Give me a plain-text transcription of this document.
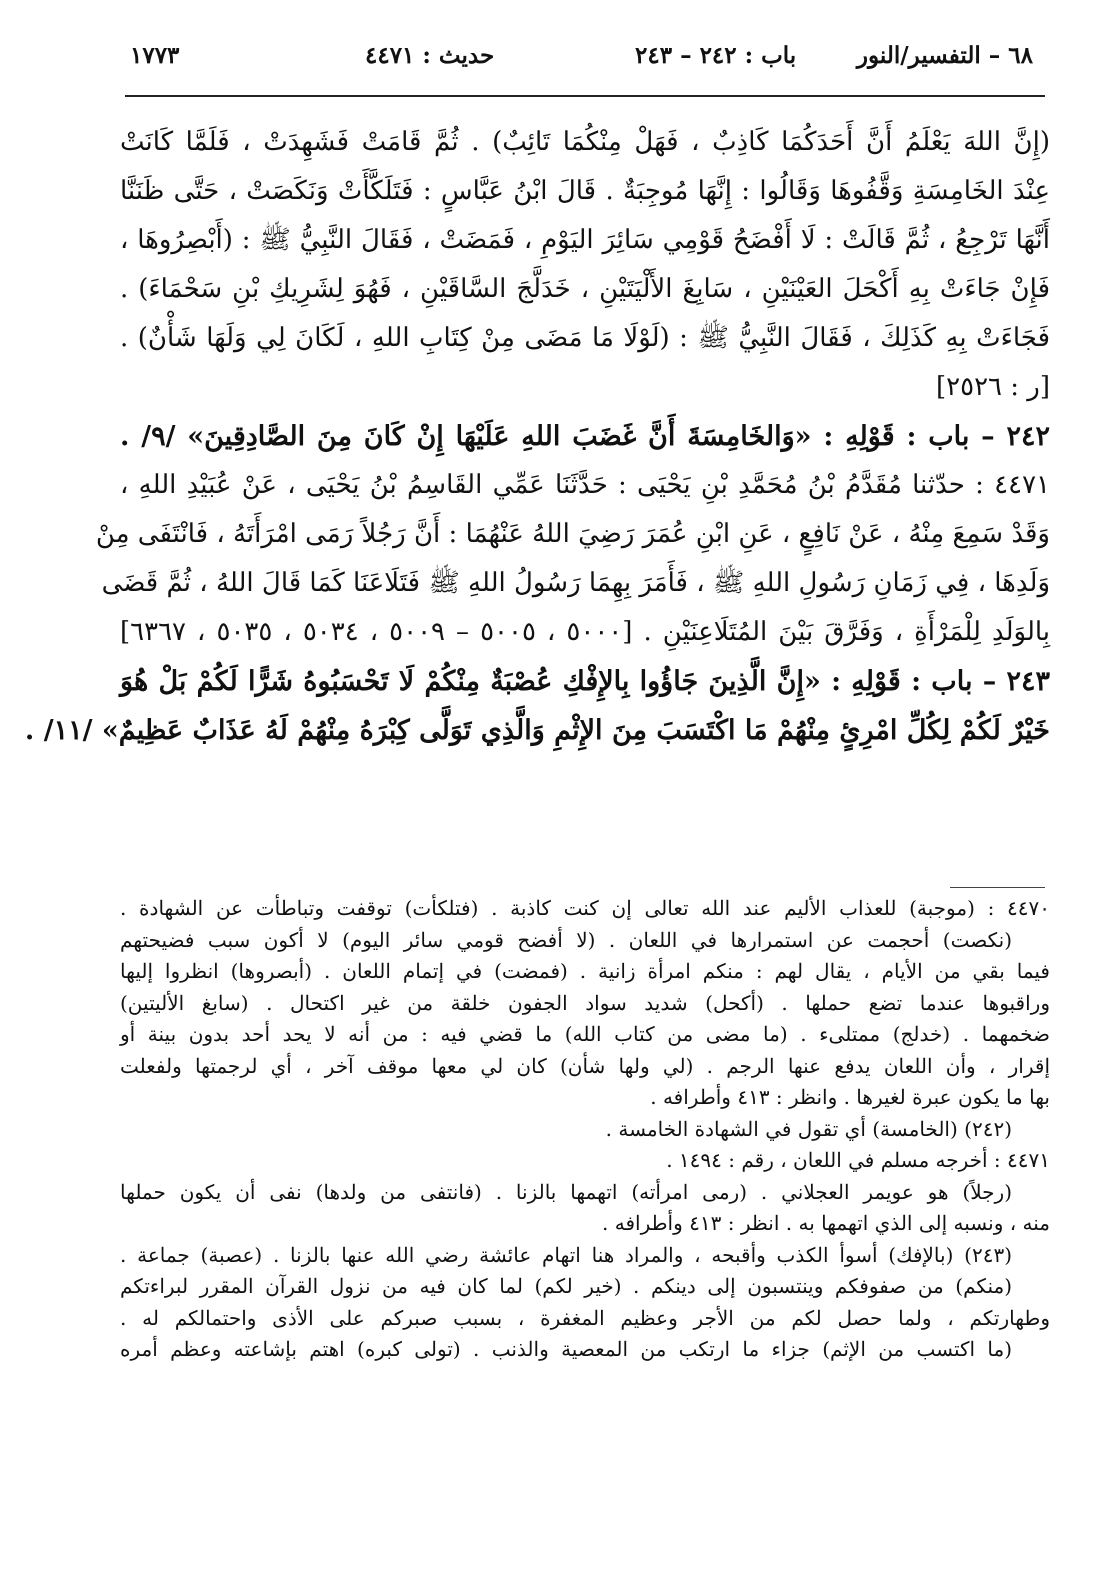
١٧٧٣	حديث : ٤٤٧١	باب : ٢٤٢ – ٢٤٣	٦٨ – التفسير/النور
(إِنَّ اللهَ يَعْلَمُ أَنَّ أَحَدَكُمَا كَاذِبٌ ، فَهَلْ مِنْكُمَا تَائِبٌ) . ثُمَّ قَامَتْ فَشَهِدَتْ ، فَلَمَّا كَانَتْ
عِنْدَ الخَامِسَةِ وَقَّفُوهَا وَقَالُوا : إِنَّهَا مُوجِبَةٌ . قَالَ ابْنُ عَبَّاسٍ : فَتَلَكَّأَتْ وَنَكَصَتْ ، حَتَّى ظَنَنَّا
أَنَّهَا تَرْجِعُ ، ثُمَّ قَالَتْ : لَا أَفْضَحُ قَوْمِي سَائِرَ اليَوْمِ ، فَمَضَتْ ، فَقَالَ النَّبِيُّ ﷺ : (أَبْصِرُوهَا ،
فَإِنْ جَاءَتْ بِهِ أَكْحَلَ العَيْنَيْنِ ، سَابِغَ الأَلْيَتَيْنِ ، خَدَلَّجَ السَّاقَيْنِ ، فَهُوَ لِشَرِيكِ بْنِ سَحْمَاءَ) .
فَجَاءَتْ بِهِ كَذَلِكَ ، فَقَالَ النَّبِيُّ ﷺ : (لَوْلَا مَا مَضَى مِنْ كِتَابِ اللهِ ، لَكَانَ لِي وَلَهَا شَأْنٌ) .
[ر : ٢٥٢٦]
٢٤٢ – باب : قَوْلِهِ : «وَالخَامِسَةَ أَنَّ غَضَبَ اللهِ عَلَيْهَا إِنْ كَانَ مِنَ الصَّادِقِينَ» /٩/ .
٤٤٧١ : حدّثنا مُقَدَّمُ بْنُ مُحَمَّدِ بْنِ يَحْيَى : حَدَّثَنَا عَمِّي القَاسِمُ بْنُ يَحْيَى ، عَنْ عُبَيْدِ اللهِ ،
وَقَدْ سَمِعَ مِنْهُ ، عَنْ نَافِعٍ ، عَنِ ابْنِ عُمَرَ رَضِيَ اللهُ عَنْهُمَا : أَنَّ رَجُلاً رَمَى امْرَأَتَهُ ، فَانْتَفَى مِنْ
وَلَدِهَا ، فِي زَمَانِ رَسُولِ اللهِ ﷺ ، فَأَمَرَ بِهِمَا رَسُولُ اللهِ ﷺ فَتَلَاعَنَا كَمَا قَالَ اللهُ ، ثُمَّ قَضَى
بِالوَلَدِ لِلْمَرْأَةِ ، وَفَرَّقَ بَيْنَ المُتَلَاعِنَيْنِ . [٥٠٠٠ ، ٥٠٠٥ – ٥٠٠٩ ، ٥٠٣٤ ، ٥٠٣٥ ، ٦٣٦٧]
٢٤٣ – باب : قَوْلِهِ : «إِنَّ الَّذِينَ جَاؤُوا بِالإِفْكِ عُصْبَةٌ مِنْكُمْ لَا تَحْسَبُوهُ شَرًّا لَكُمْ بَلْ هُوَ
خَيْرٌ لَكُمْ لِكُلِّ امْرِئٍ مِنْهُمْ مَا اكْتَسَبَ مِنَ الإِثْمِ وَالَّذِي تَوَلَّى كِبْرَهُ مِنْهُمْ لَهُ عَذَابٌ عَظِيمٌ» /١١/ .
٤٤٧٠ : (موجبة) للعذاب الأليم عند الله تعالى إن كنت كاذبة . (فتلكأت) توقفت وتباطأت عن الشهادة .
(نكصت) أحجمت عن استمرارها في اللعان . (لا أفضح قومي سائر اليوم) لا أكون سبب فضيحتهم
فيما بقي من الأيام ، يقال لهم : منكم امرأة زانية . (فمضت) في إتمام اللعان . (أبصروها) انظروا إليها
وراقبوها عندما تضع حملها . (أكحل) شديد سواد الجفون خلقة من غير اكتحال . (سابغ الأليتين)
ضخمهما . (خدلج) ممتلىء . (ما مضى من كتاب الله) ما قضي فيه : من أنه لا يحد أحد بدون بينة أو
إقرار ، وأن اللعان يدفع عنها الرجم . (لي ولها شأن) كان لي معها موقف آخر ، أي لرجمتها ولفعلت
بها ما يكون عبرة لغيرها . وانظر : ٤١٣ وأطرافه .
(٢٤٢) (الخامسة) أي تقول في الشهادة الخامسة .
٤٤٧١ : أخرجه مسلم في اللعان ، رقم : ١٤٩٤ .
(رجلاً) هو عويمر العجلاني . (رمى امرأته) اتهمها بالزنا . (فانتفى من ولدها) نفى أن يكون حملها
منه ، ونسبه إلى الذي اتهمها به . انظر : ٤١٣ وأطرافه .
(٢٤٣) (بالإفك) أسوأ الكذب وأقبحه ، والمراد هنا اتهام عائشة رضي الله عنها بالزنا . (عصبة) جماعة .
(منكم) من صفوفكم وينتسبون إلى دينكم . (خير لكم) لما كان فيه من نزول القرآن المقرر لبراءتكم
وطهارتكم ، ولما حصل لكم من الأجر وعظيم المغفرة ، بسبب صبركم على الأذى واحتمالكم له .
(ما اكتسب من الإثم) جزاء ما ارتكب من المعصية والذنب . (تولى كبره) اهتم بإشاعته وعظم أمره
